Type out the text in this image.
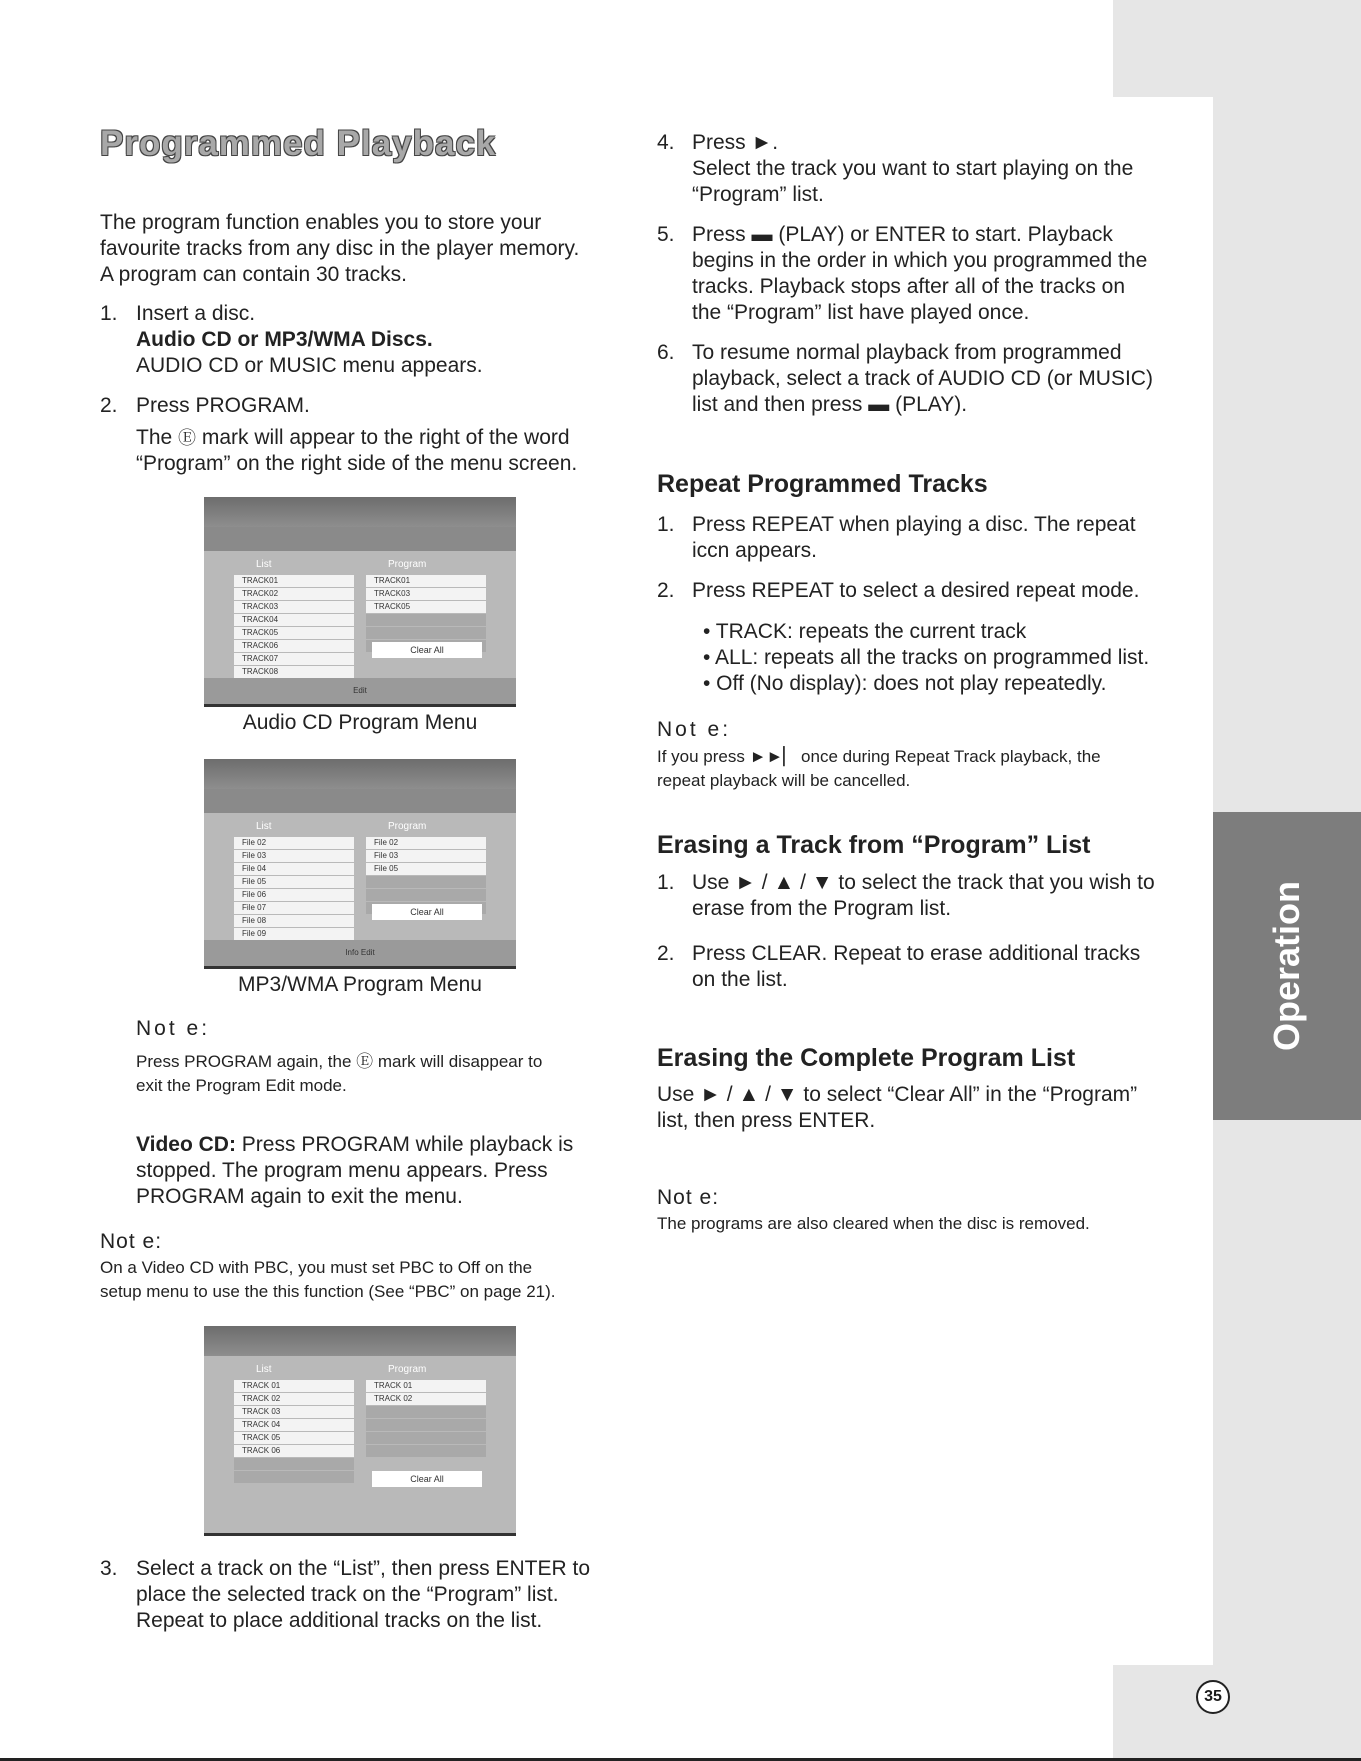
Operation
35
Programmed Playback
The program function enables you to store your
favourite tracks from any disc in the player memory.
A program can contain 30 tracks.
1. Insert a disc.
Audio CD or MP3/WMA Discs.
AUDIO CD or MUSIC menu appears.
2. Press PROGRAM.
The Ⓔ mark will appear to the right of the word
“Program” on the right side of the menu screen.
List
TRACK01
TRACK02
TRACK03
TRACK04
TRACK05
TRACK06
TRACK07
TRACK08
Program
TRACK01
TRACK03
TRACK05
Clear All
Edit
Audio CD Program Menu
List
File 02
File 03
File 04
File 05
File 06
File 07
File 08
File 09
Program
File 02
File 03
File 05
Clear All
Info Edit
MP3/WMA Program Menu
Not e:
Press PROGRAM again, the Ⓔ mark will disappear to
exit the Program Edit mode.
Video CD: Press PROGRAM while playback is
stopped. The program menu appears. Press
PROGRAM again to exit the menu.
Not e:
On a Video CD with PBC, you must set PBC to Off on the
setup menu to use the this function (See “PBC” on page 21).
List
TRACK 01
TRACK 02
TRACK 03
TRACK 04
TRACK 05
TRACK 06
Program
TRACK 01
TRACK 02
Clear All
3. Select a track on the “List”, then press ENTER to
place the selected track on the “Program” list.
Repeat to place additional tracks on the list.
4. Press ►.
Select the track you want to start playing on the
“Program” list.
5. Press ▬ (PLAY) or ENTER to start. Playback
begins in the order in which you programmed the
tracks. Playback stops after all of the tracks on
the “Program” list have played once.
6. To resume normal playback from programmed
playback, select a track of AUDIO CD (or MUSIC)
list and then press ▬ (PLAY).
Repeat Programmed Tracks
1. Press REPEAT when playing a disc. The repeat
iccn appears.
2. Press REPEAT to select a desired repeat mode.
• TRACK: repeats the current track
• ALL: repeats all the tracks on programmed list.
• Off (No display): does not play repeatedly.
Not e:
If you press ►►▏ once during Repeat Track playback, the
repeat playback will be cancelled.
Erasing a Track from “Program” List
1. Use ► / ▲ / ▼ to select the track that you wish to
erase from the Program list.
2. Press CLEAR. Repeat to erase additional tracks
on the list.
Erasing the Complete Program List
Use ► / ▲ / ▼ to select “Clear All” in the “Program”
list, then press ENTER.
Not e:
The programs are also cleared when the disc is removed.
